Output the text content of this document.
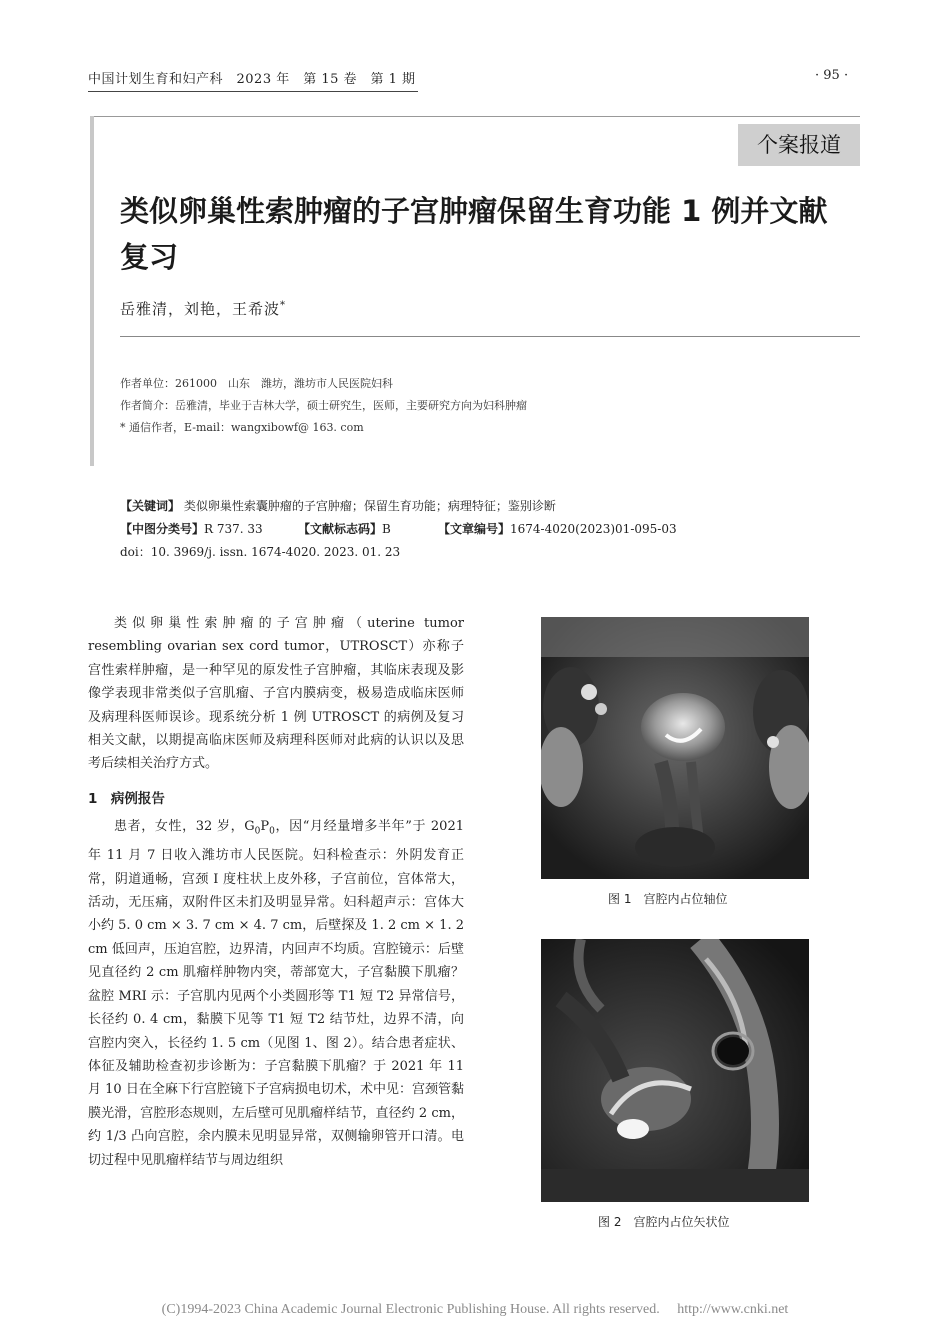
中国计划生育和妇产科　2023 年　第 15 卷　第 1 期	· 95 ·
个案报道
类似卵巢性索肿瘤的子宫肿瘤保留生育功能 1 例并文献复习
岳雅清，刘艳，王希波*
作者单位：261000　山东　潍坊，潍坊市人民医院妇科
作者简介：岳雅清，毕业于吉林大学，硕士研究生，医师，主要研究方向为妇科肿瘤
* 通信作者，E-mail：wangxibowf@ 163. com
【关键词】 类似卵巢性索囊肿瘤的子宫肿瘤；保留生育功能；病理特征；鉴别诊断
【中图分类号】R 737. 33	【文献标志码】B	【文章编号】1674-4020(2023)01-095-03
doi：10. 3969/j. issn. 1674-4020. 2023. 01. 23

类似卵巢性索肿瘤的子宫肿瘤（uterine tumor resembling ovarian sex cord tumor，UTROSCT）亦称子宫性索样肿瘤，是一种罕见的原发性子宫肿瘤，其临床表现及影像学表现非常类似子宫肌瘤、子宫内膜病变，极易造成临床医师及病理科医师误诊。现系统分析 1 例 UTROSCT 的病例及复习相关文献，以期提高临床医师及病理科医师对此病的认识以及思考后续相关治疗方式。

1　病例报告

患者，女性，32 岁，$G_0P_0$，因“月经量增多半年”于 2021 年 11 月 7 日收入潍坊市人民医院。妇科检查示：外阴发育正常，阴道通畅，宫颈 I 度柱状上皮外移，子宫前位，宫体常大，活动，无压痛，双附件区未扪及明显异常。妇科超声示：宫体大小约 5. 0 cm × 3. 7 cm × 4. 7 cm，后壁探及 1. 2 cm × 1. 2 cm 低回声，压迫宫腔，边界清，内回声不均质。宫腔镜示：后壁见直径约 2 cm 肌瘤样肿物内突，蒂部宽大，子宫黏膜下肌瘤？盆腔 MRI 示：子宫肌内见两个小类圆形等 T1 短 T2 异常信号，长径约 0. 4 cm，黏膜下见等 T1 短 T2 结节灶，边界不清，向宫腔内突入，长径约 1. 5 cm（见图 1、图 2）。结合患者症状、体征及辅助检查初步诊断为：子宫黏膜下肌瘤？于 2021 年 11 月 10 日在全麻下行宫腔镜下子宫病损电切术，术中见：宫颈管黏膜光滑，宫腔形态规则，左后壁可见肌瘤样结节，直径约 2 cm，约 1/3 凸向宫腔，余内膜未见明显异常，双侧输卵管开口清。电切过程中见肌瘤样结节与周边组织

图 1　宫腔内占位轴位
图 2　宫腔内占位矢状位
(C)1994-2023 China Academic Journal Electronic Publishing House. All rights reserved.　 http://www.cnki.net
